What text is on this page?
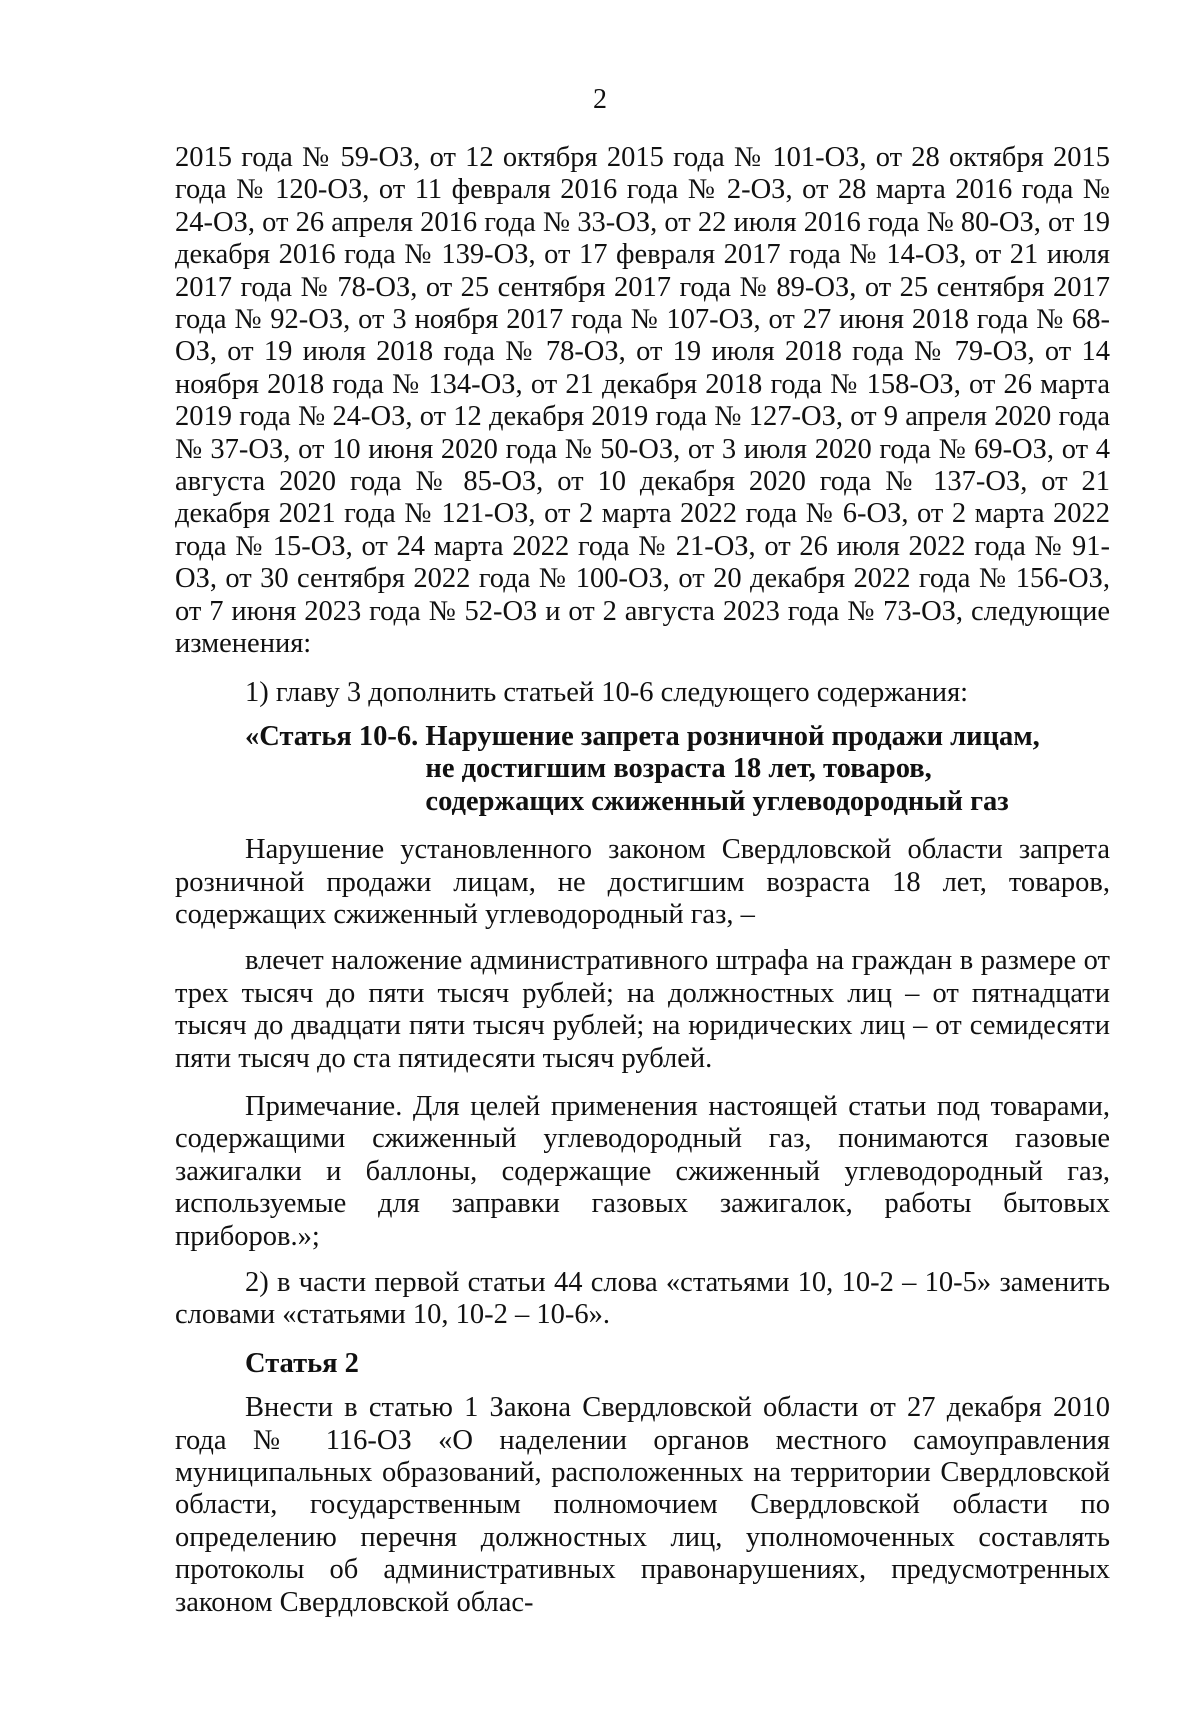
2

2015 года № 59-ОЗ, от 12 октября 2015 года № 101-ОЗ, от 28 октября 2015 года № 120-ОЗ, от 11 февраля 2016 года № 2-ОЗ, от 28 марта 2016 года № 24-ОЗ, от 26 апреля 2016 года № 33-ОЗ, от 22 июля 2016 года № 80-ОЗ, от 19 декабря 2016 года № 139-ОЗ, от 17 февраля 2017 года № 14-ОЗ, от 21 июля 2017 года № 78-ОЗ, от 25 сентября 2017 года № 89-ОЗ, от 25 сентября 2017 года № 92-ОЗ, от 3 ноября 2017 года № 107-ОЗ, от 27 июня 2018 года № 68-ОЗ, от 19 июля 2018 года № 78-ОЗ, от 19 июля 2018 года № 79-ОЗ, от 14 ноября 2018 года № 134-ОЗ, от 21 декабря 2018 года № 158-ОЗ, от 26 марта 2019 года № 24-ОЗ, от 12 декабря 2019 года № 127-ОЗ, от 9 апреля 2020 года № 37-ОЗ, от 10 июня 2020 года № 50-ОЗ, от 3 июля 2020 года № 69-ОЗ, от 4 августа 2020 года № 85-ОЗ, от 10 декабря 2020 года № 137-ОЗ, от 21 декабря 2021 года № 121-ОЗ, от 2 марта 2022 года № 6-ОЗ, от 2 марта 2022 года № 15-ОЗ, от 24 марта 2022 года № 21-ОЗ, от 26 июля 2022 года № 91-ОЗ, от 30 сентября 2022 года № 100-ОЗ, от 20 декабря 2022 года № 156-ОЗ, от 7 июня 2023 года № 52-ОЗ и от 2 августа 2023 года № 73-ОЗ, следующие изменения:

1) главу 3 дополнить статьей 10-6 следующего содержания:

«Статья 10-6. Нарушение запрета розничной продажи лицам,
не достигшим возраста 18 лет, товаров,
содержащих сжиженный углеводородный газ

Нарушение установленного законом Свердловской области запрета розничной продажи лицам, не достигшим возраста 18 лет, товаров, содержащих сжиженный углеводородный газ, –

влечет наложение административного штрафа на граждан в размере от трех тысяч до пяти тысяч рублей; на должностных лиц – от пятнадцати тысяч до двадцати пяти тысяч рублей; на юридических лиц – от семидесяти пяти тысяч до ста пятидесяти тысяч рублей.

Примечание. Для целей применения настоящей статьи под товарами, содержащими сжиженный углеводородный газ, понимаются газовые зажигалки и баллоны, содержащие сжиженный углеводородный газ, используемые для заправки газовых зажигалок, работы бытовых приборов.»;

2) в части первой статьи 44 слова «статьями 10, 10-2 – 10-5» заменить словами «статьями 10, 10-2 – 10-6».

Статья 2

Внести в статью 1 Закона Свердловской области от 27 декабря 2010 года № 116-ОЗ «О наделении органов местного самоуправления муниципальных образований, расположенных на территории Свердловской области, государственным полномочием Свердловской области по определению перечня должностных лиц, уполномоченных составлять протоколы об административных правонарушениях, предусмотренных законом Свердловской облас-
